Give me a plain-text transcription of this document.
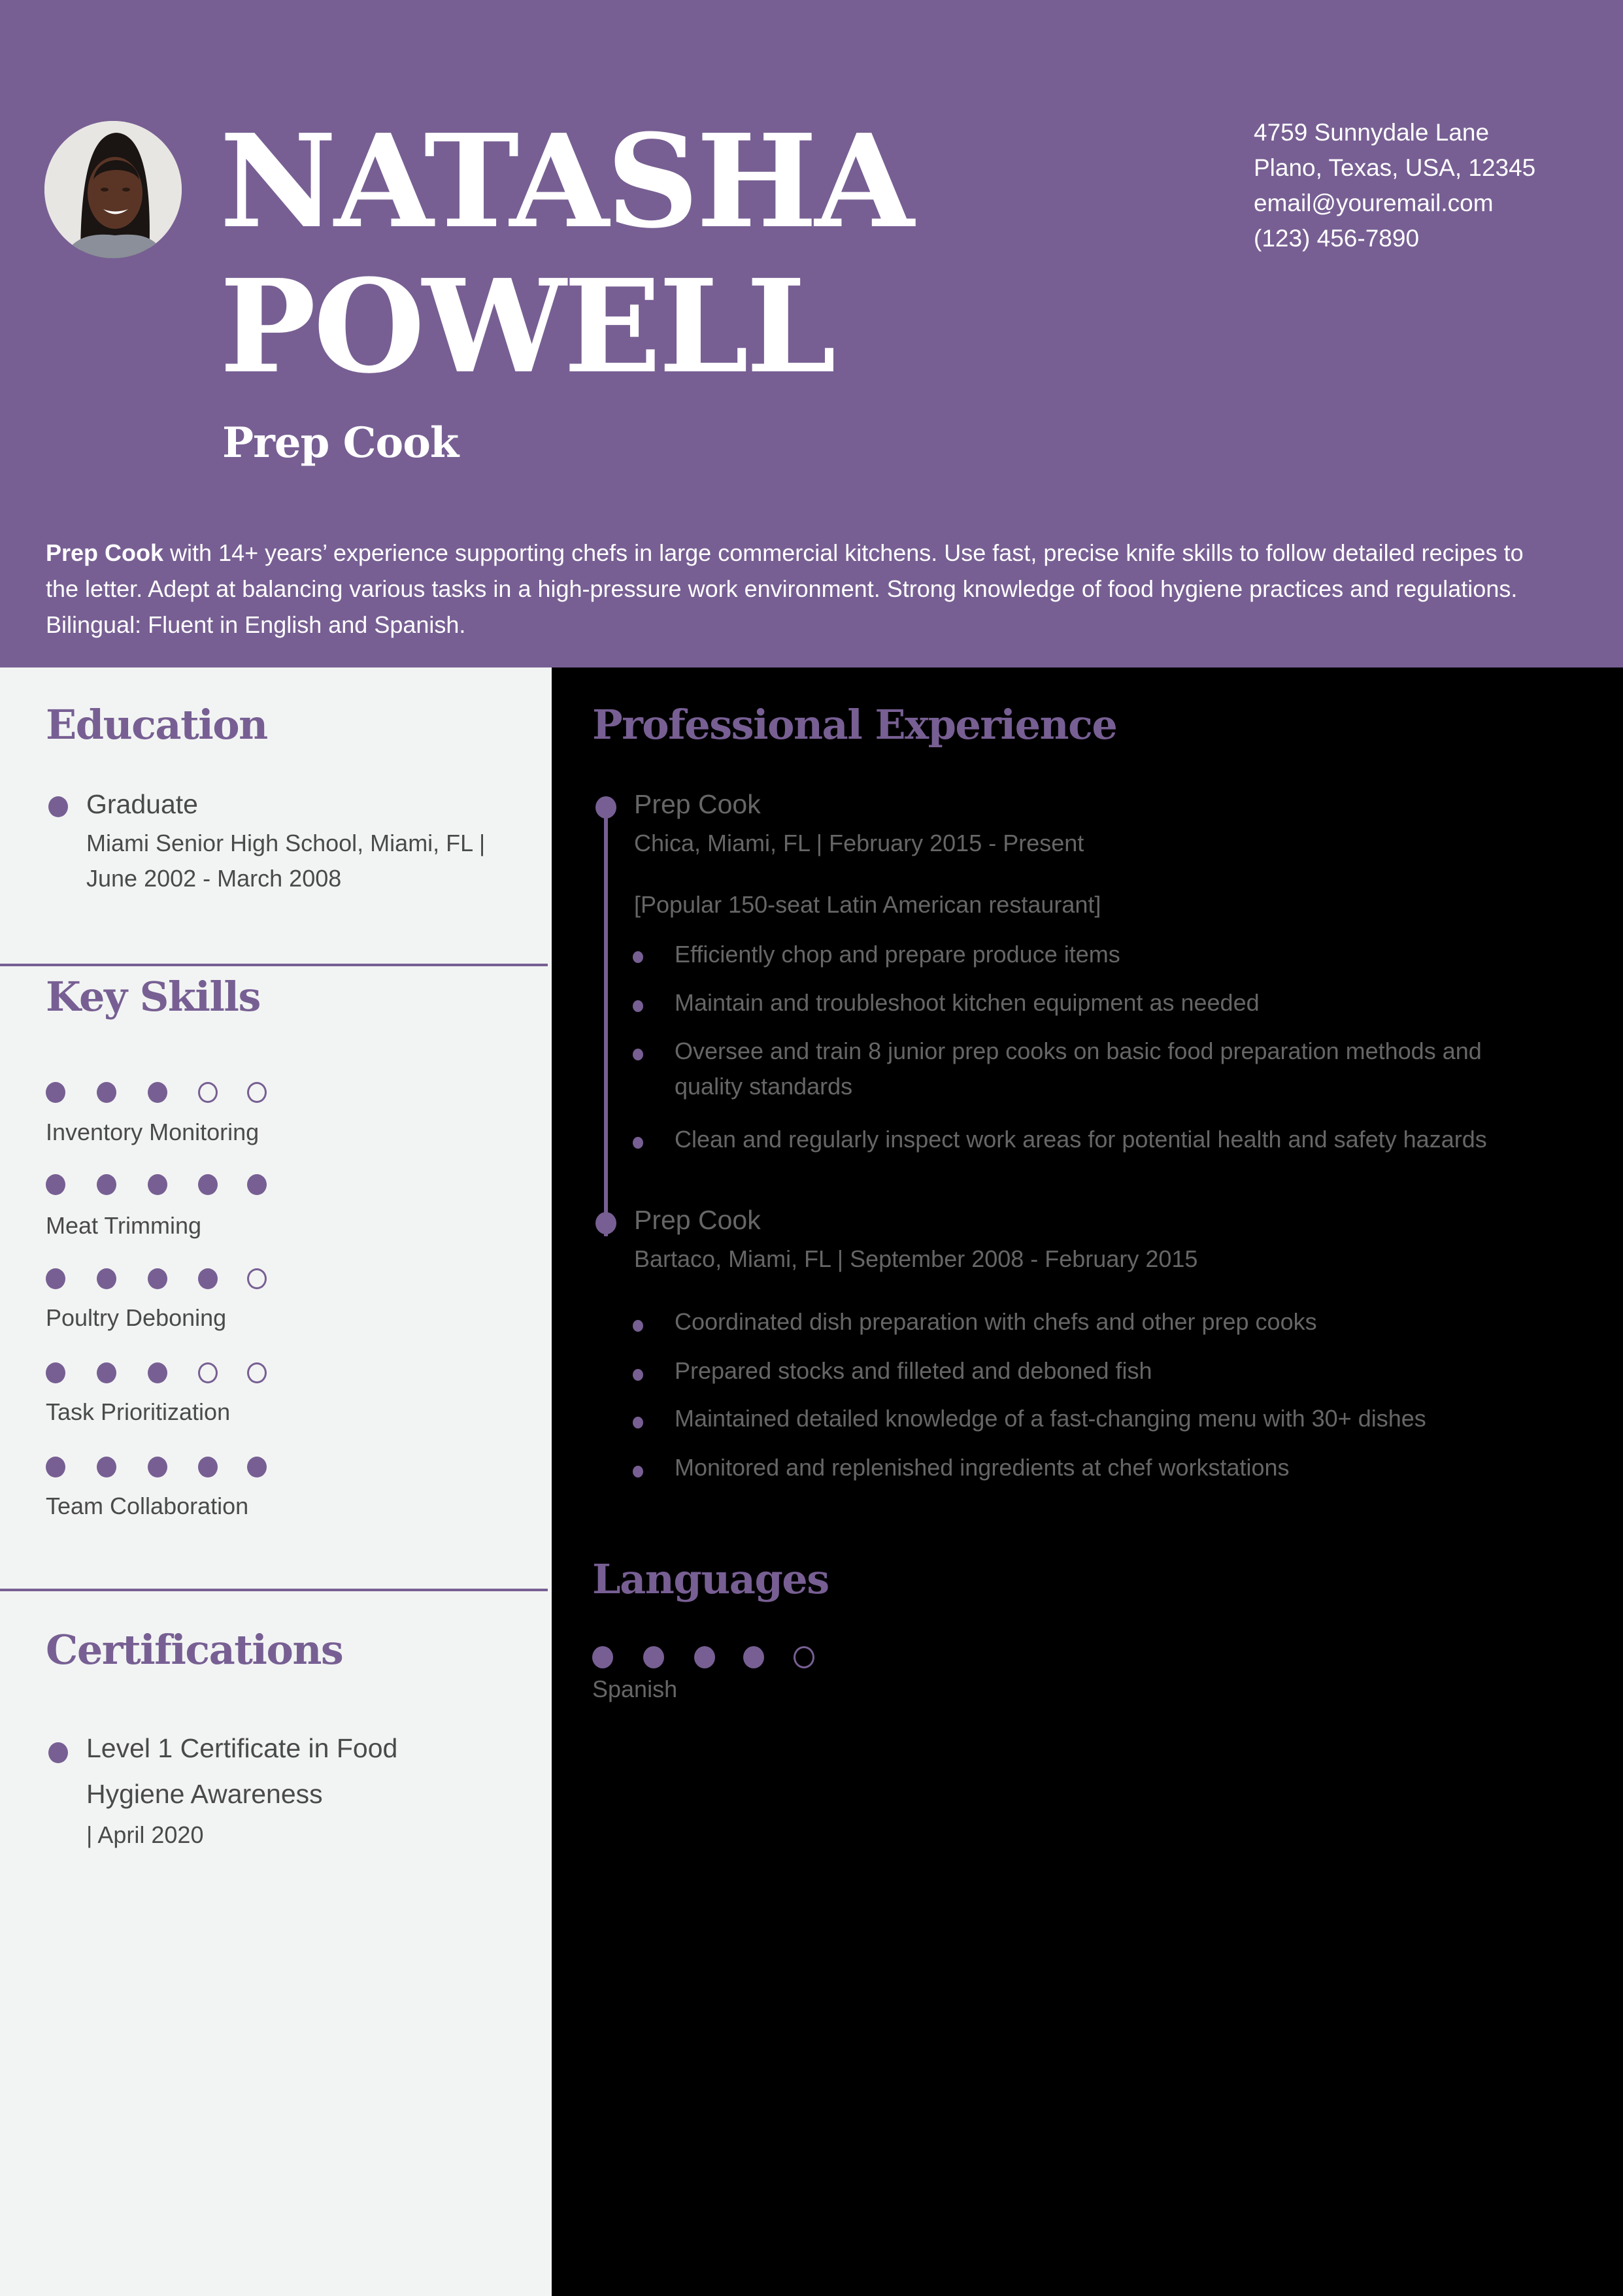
NATASHA
POWELL
Prep Cook
4759 Sunnydale Lane
Plano, Texas, USA, 12345
email@youremail.com
(123) 456-7890
Prep Cook with 14+ years’ experience supporting chefs in large commercial kitchens. Use fast, precise knife skills to follow detailed recipes to
the letter. Adept at balancing various tasks in a high-pressure work environment. Strong knowledge of food hygiene practices and regulations.
Bilingual: Fluent in English and Spanish.
Education
Graduate
Miami Senior High School, Miami, FL |
June 2002 - March 2008
Key Skills
Inventory Monitoring
Meat Trimming
Poultry Deboning
Task Prioritization
Team Collaboration
Certifications
Level 1 Certificate in Food
Hygiene Awareness
| April 2020
Professional Experience
Prep Cook
Chica, Miami, FL | February 2015 - Present
[Popular 150-seat Latin American restaurant]
Efficiently chop and prepare produce items
Maintain and troubleshoot kitchen equipment as needed
Oversee and train 8 junior prep cooks on basic food preparation methods and
quality standards
Clean and regularly inspect work areas for potential health and safety hazards
Prep Cook
Bartaco, Miami, FL | September 2008 - February 2015
Coordinated dish preparation with chefs and other prep cooks
Prepared stocks and filleted and deboned fish
Maintained detailed knowledge of a fast-changing menu with 30+ dishes
Monitored and replenished ingredients at chef workstations
Languages
Spanish
